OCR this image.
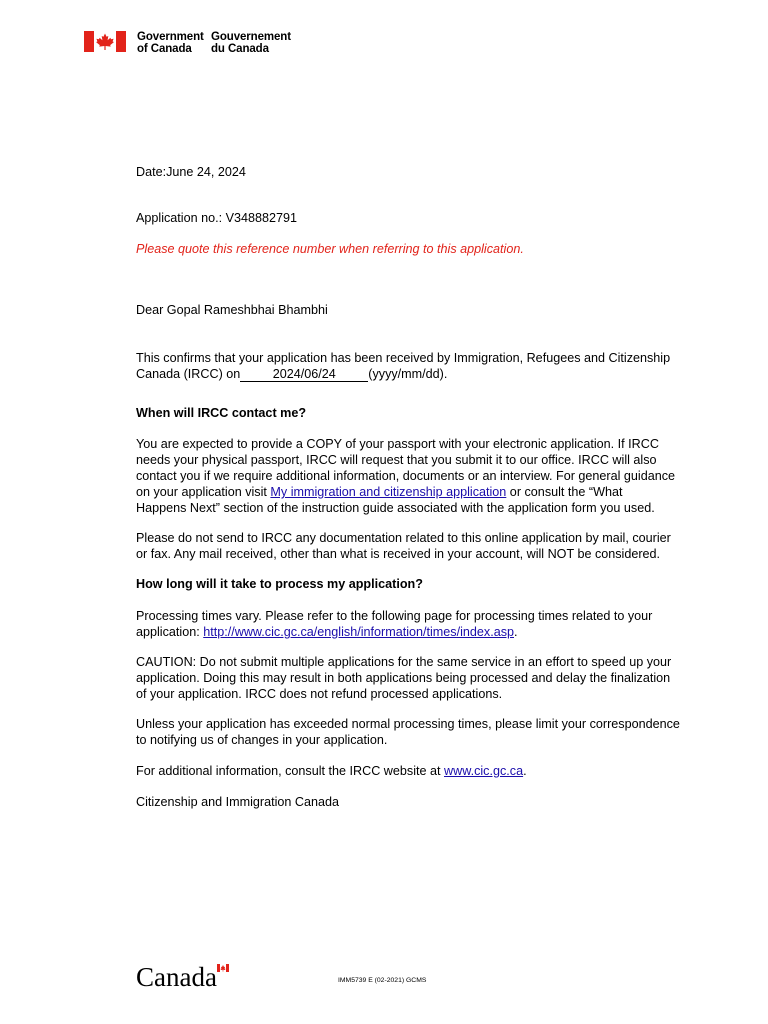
Government
of Canada
Gouvernement
du Canada
Date:June 24, 2024
Application no.: V348882791
Please quote this reference number when referring to this application.
Dear Gopal Rameshbhai Bhambhi
This confirms that your application has been received by Immigration, Refugees and Citizenship
Canada (IRCC) on	2024/06/24	(yyyy/mm/dd).
When will IRCC contact me?
You are expected to provide a COPY of your passport with your electronic application. If IRCC
needs your physical passport, IRCC will request that you submit it to our office. IRCC will also
contact you if we require additional information, documents or an interview. For general guidance
on your application visit My immigration and citizenship application or consult the “What
Happens Next” section of the instruction guide associated with the application form you used.
Please do not send to IRCC any documentation related to this online application by mail, courier
or fax. Any mail received, other than what is received in your account, will NOT be considered.
How long will it take to process my application?
Processing times vary. Please refer to the following page for processing times related to your
application: http://www.cic.gc.ca/english/information/times/index.asp.
CAUTION: Do not submit multiple applications for the same service in an effort to speed up your
application. Doing this may result in both applications being processed and delay the finalization
of your application. IRCC does not refund processed applications.
Unless your application has exceeded normal processing times, please limit your correspondence
to notifying us of changes in your application.
For additional information, consult the IRCC website at www.cic.gc.ca.
Citizenship and Immigration Canada
Canada	IMM5739 E (02-2021) GCMS
